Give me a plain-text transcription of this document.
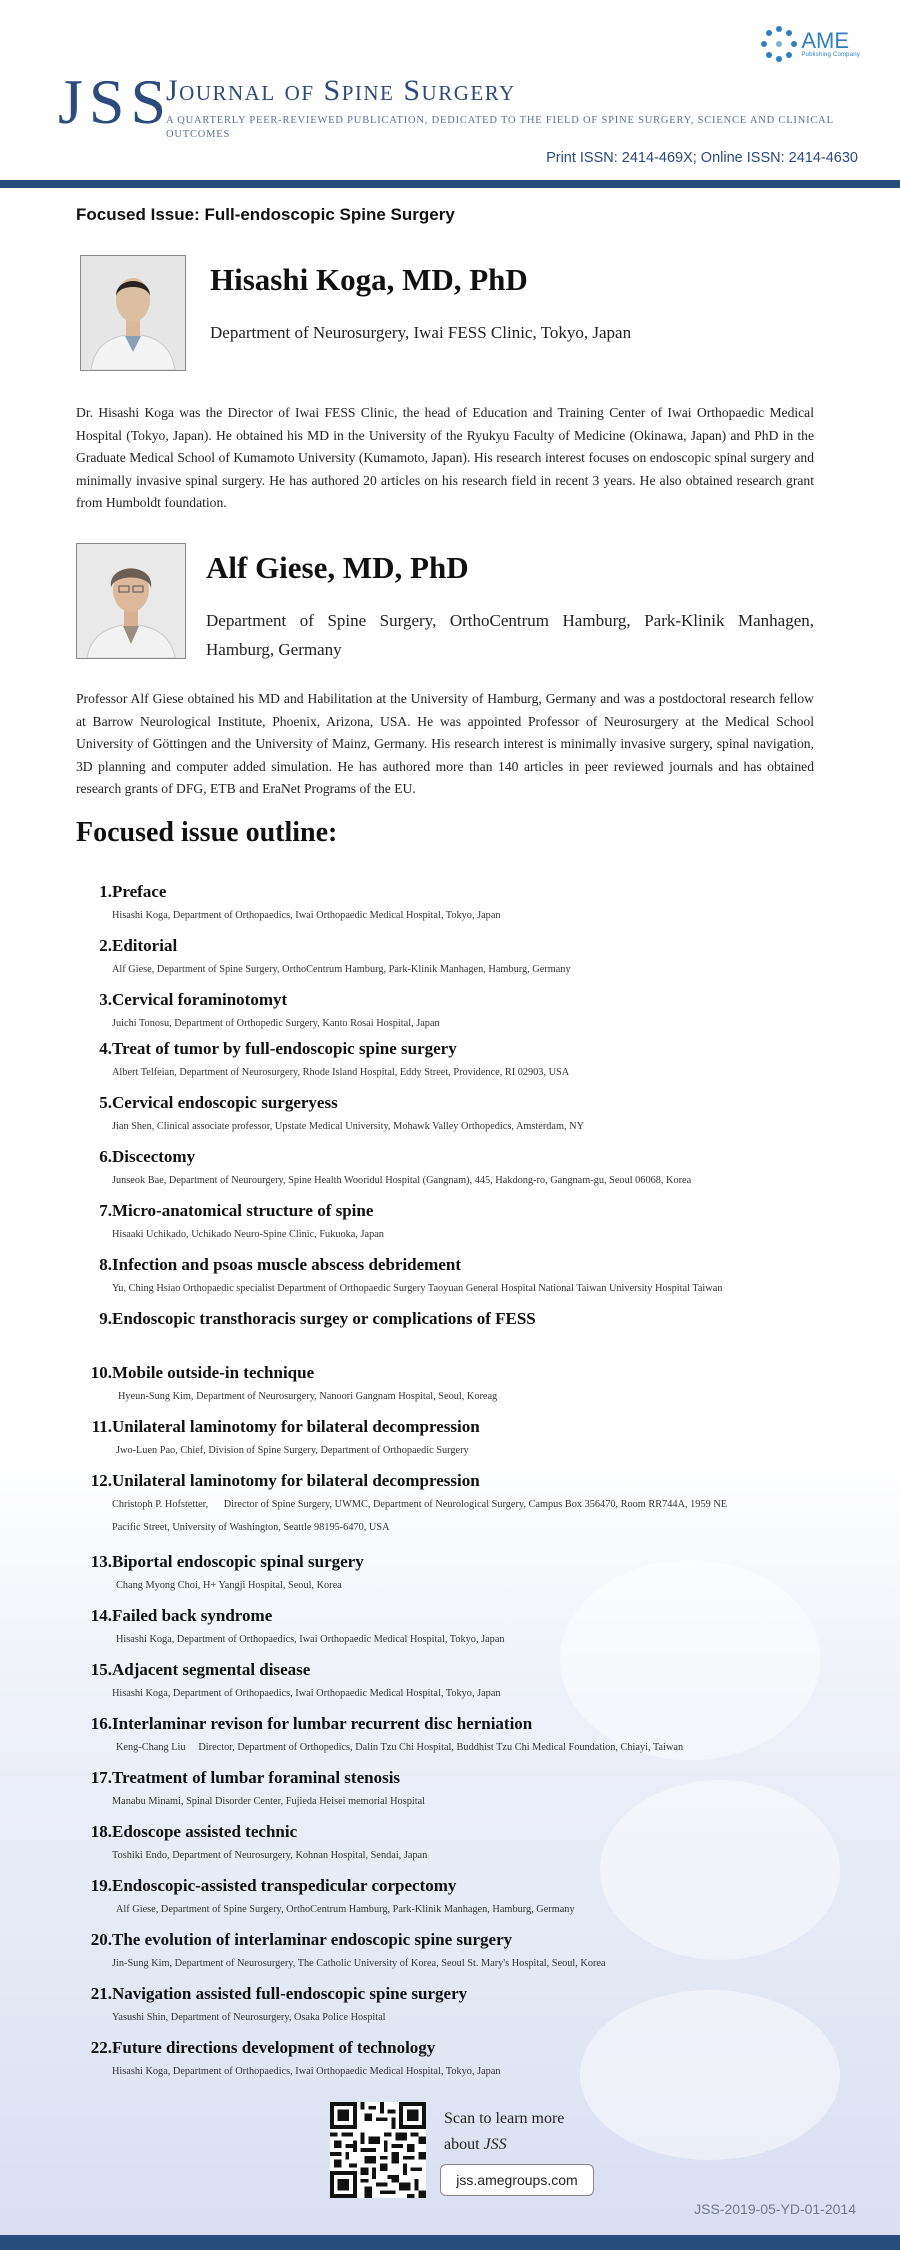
AME
Publishing Company
JSS
Journal of Spine Surgery
A QUARTERLY PEER-REVIEWED PUBLICATION, DEDICATED TO THE FIELD OF SPINE SURGERY, SCIENCE AND CLINICAL OUTCOMES
Print ISSN: 2414-469X; Online ISSN: 2414-4630
Focused Issue: Full-endoscopic Spine Surgery
Hisashi Koga, MD, PhD
Department of Neurosurgery, Iwai FESS Clinic, Tokyo, Japan
Dr. Hisashi Koga was the Director of Iwai FESS Clinic, the head of Education and Training Center of Iwai Orthopaedic Medical Hospital (Tokyo, Japan). He obtained his MD in the University of the Ryukyu Faculty of Medicine (Okinawa, Japan) and PhD in the Graduate Medical School of Kumamoto University (Kumamoto, Japan). His research interest focuses on endoscopic spinal surgery and minimally invasive spinal surgery. He has authored 20 articles on his research field in recent 3 years. He also obtained research grant from Humboldt foundation.
Alf Giese, MD, PhD
Department of Spine Surgery, OrthoCentrum Hamburg, Park-Klinik Manhagen, Hamburg, Germany
Professor Alf Giese obtained his MD and Habilitation at the University of Hamburg, Germany and was a postdoctoral research fellow at Barrow Neurological Institute, Phoenix, Arizona, USA. He was appointed Professor of Neurosurgery at the Medical School University of Göttingen and the University of Mainz, Germany. His research interest is minimally invasive surgery, spinal navigation, 3D planning and computer added simulation. He has authored more than 140 articles in peer reviewed journals and has obtained research grants of DFG, ETB and EraNet Programs of the EU.
Focused issue outline:
1. Preface
Hisashi Koga, Department of Orthopaedics, Iwai Orthopaedic Medical Hospital, Tokyo, Japan
2. Editorial
Alf Giese, Department of Spine Surgery, OrthoCentrum Hamburg, Park-Klinik Manhagen, Hamburg, Germany
3. Cervical foraminotomyt
Juichi Tonosu, Department of Orthopedic Surgery, Kanto Rosai Hospital, Japan
4. Treat of tumor by full-endoscopic spine surgery
Albert Telfeian, Department of Neurosurgery, Rhode Island Hospital, Eddy Street, Providence, RI 02903, USA
5. Cervical endoscopic surgeryess
Jian Shen, Clinical associate professor, Upstate Medical University, Mohawk Valley Orthopedics, Amsterdam, NY
6. Discectomy
Junseok Bae, Department of Neurourgery, Spine Health Wooridul Hospital (Gangnam), 445, Hakdong-ro, Gangnam-gu, Seoul 06068, Korea
7. Micro-anatomical structure of spine
Hisaaki Uchikado, Uchikado Neuro-Spine Clinic, Fukuoka, Japan
8. Infection and psoas muscle abscess debridement
Yu, Ching Hsiao Orthopaedic specialist Department of Orthopaedic Surgery Taoyuan General Hospital National Taiwan University Hospital Taiwan
9. Endoscopic transthoracis surgey or complications of FESS
10. Mobile outside-in technique
Hyeun-Sung Kim, Department of Neurosurgery, Nanoori Gangnam Hospital, Seoul, Koreag
11. Unilateral laminotomy for bilateral decompression
Jwo-Luen Pao, Chief, Division of Spine Surgery, Department of Orthopaedic Surgery
12. Unilateral laminotomy for bilateral decompression
Christoph P. Hofstetter,      Director of Spine Surgery, UWMC, Department of Neurological Surgery, Campus Box 356470, Room RR744A, 1959 NE
Pacific Street, University of Washington, Seattle 98195-6470, USA
13. Biportal endoscopic spinal surgery
Chang Myong Choi, H+ Yangji Hospital, Seoul, Korea
14. Failed back syndrome
Hisashi Koga, Department of Orthopaedics, Iwai Orthopaedic Medical Hospital, Tokyo, Japan
15. Adjacent segmental disease
Hisashi Koga, Department of Orthopaedics, Iwai Orthopaedic Medical Hospital, Tokyo, Japan
16. Interlaminar revison for lumbar recurrent disc herniation
Keng-Chang Liu     Director, Department of Orthopedics, Dalin Tzu Chi Hospital, Buddhist Tzu Chi Medical Foundation, Chiayi, Taiwan
17. Treatment of lumbar foraminal stenosis
Manabu Minami, Spinal Disorder Center, Fujieda Heisei memorial Hospital
18. Edoscope assisted technic
Toshiki Endo, Department of Neurosurgery, Kohnan Hospital, Sendai, Japan
19. Endoscopic-assisted transpedicular corpectomy
Alf Giese, Department of Spine Surgery, OrthoCentrum Hamburg, Park-Klinik Manhagen, Hamburg, Germany
20. The evolution of interlaminar endoscopic spine surgery
Jin-Sung Kim, Department of Neurosurgery, The Catholic University of Korea, Seoul St. Mary's Hospital, Seoul, Korea
21. Navigation assisted full-endoscopic spine surgery
Yasushi Shin, Department of Neurosurgery, Osaka Police Hospital
22. Future directions development of technology
Hisashi Koga, Department of Orthopaedics, Iwai Orthopaedic Medical Hospital, Tokyo, Japan
Scan to learn more
about JSS
jss.amegroups.com
JSS-2019-05-YD-01-2014
